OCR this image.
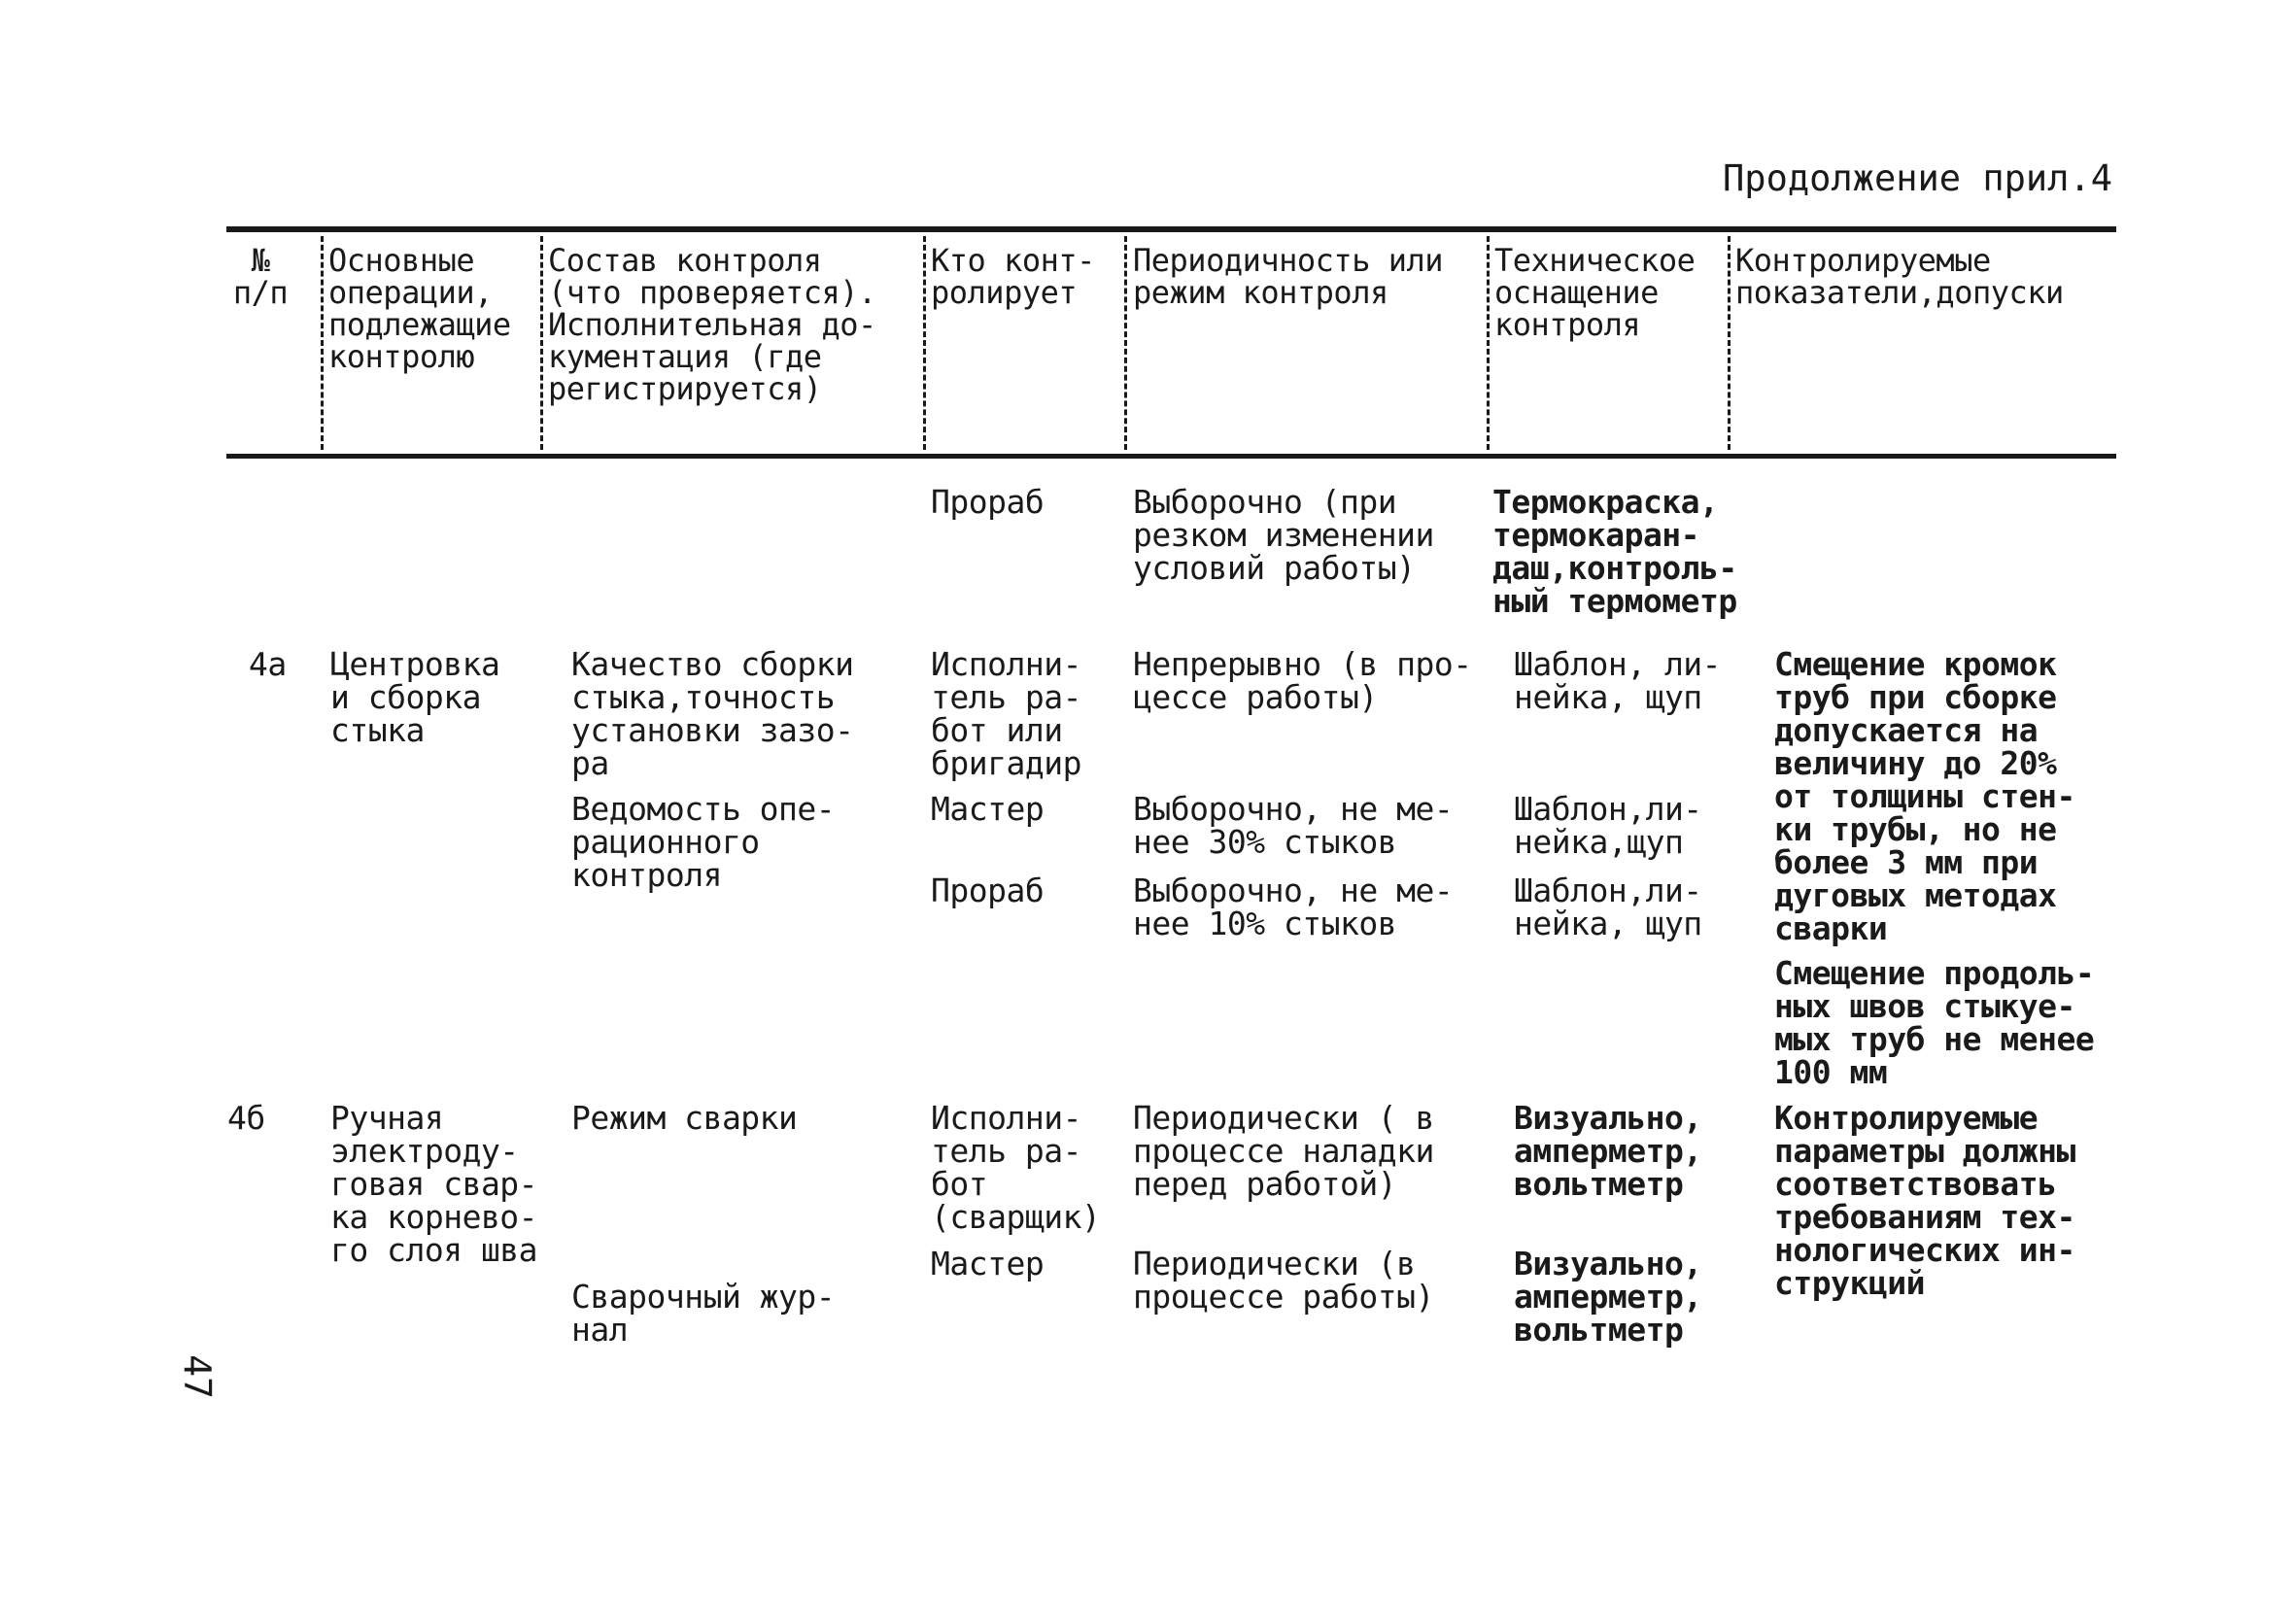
Продолжение прил.4
№
п/п
Основные
операции,
подлежащие
контролю
Состав контроля
(что проверяется).
Исполнительная до-
кументация (где
регистрируется)
Кто конт-
ролирует
Периодичность или
режим контроля
Техническое
оснащение
контроля
Контролируемые
показатели,допуски
Прораб	Выборочно (при
резком изменении
условий работы)
Термокраска,
термокаран-
даш,контроль-
ный термометр
4а Центровка
и сборка
стыка
Качество сборки
стыка,точность
установки зазо-
ра
Ведомость опе-
рационного
контроля
Исполни-
тель ра-
бот или
бригадир
Мастер
Прораб
Непрерывно (в про-
цессе работы)
Выборочно, не ме-
нее 30% стыков
Выборочно, не ме-
нее 10% стыков
Шаблон, ли-
нейка, щуп
Шаблон,ли-
нейка,щуп
Шаблон,ли-
нейка, щуп
Смещение кромок
труб при сборке
допускается на
величину до 20%
от толщины стен-
ки трубы, но не
более 3 мм при
дуговых методах
сварки
Смещение продоль-
ных швов стыкуе-
мых труб не менее
100 мм
4б Ручная
электроду-
говая свар-
ка корнево-
го слоя шва
Режим сварки
Сварочный жур-
нал
Исполни-
тель ра-
бот
(сварщик)
Мастер
Периодически ( в
процессе наладки
перед работой)
Периодически (в
процессе работы)
Визуально,
амперметр,
вольтметр
Визуально,
амперметр,
вольтметр
Контролируемые
параметры должны
соответствовать
требованиям тех-
нологических ин-
струкций
47
